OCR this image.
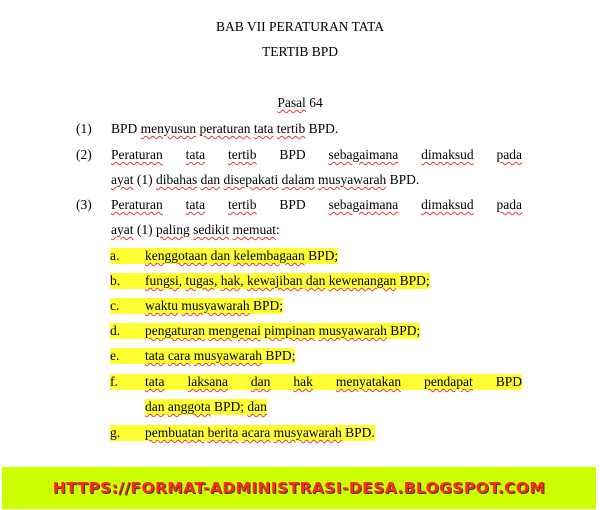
BAB VII PERATURAN TATA
TERTIB BPD
Pasal 64
(1) BPD menyusun peraturan tata tertib BPD.
(2) Peraturan tata tertib BPD sebagaimana dimaksud pada
ayat (1) dibahas dan disepakati dalam musyawarah BPD.
(3) Peraturan tata tertib BPD sebagaimana dimaksud pada
ayat (1) paling sedikit memuat:
a.	kenggotaan dan kelembagaan BPD;
b.	fungsi, tugas, hak, kewajiban dan kewenangan BPD;
c.	waktu musyawarah BPD;
d.	pengaturan mengenai pimpinan musyawarah BPD;
e.	tata cara musyawarah BPD;
f.	tata laksana dan hak menyatakan pendapat BPD
dan anggota BPD; dan
g.	pembuatan berita acara musyawarah BPD.
HTTPS://FORMAT-ADMINISTRASI-DESA.BLOGSPOT.COM
